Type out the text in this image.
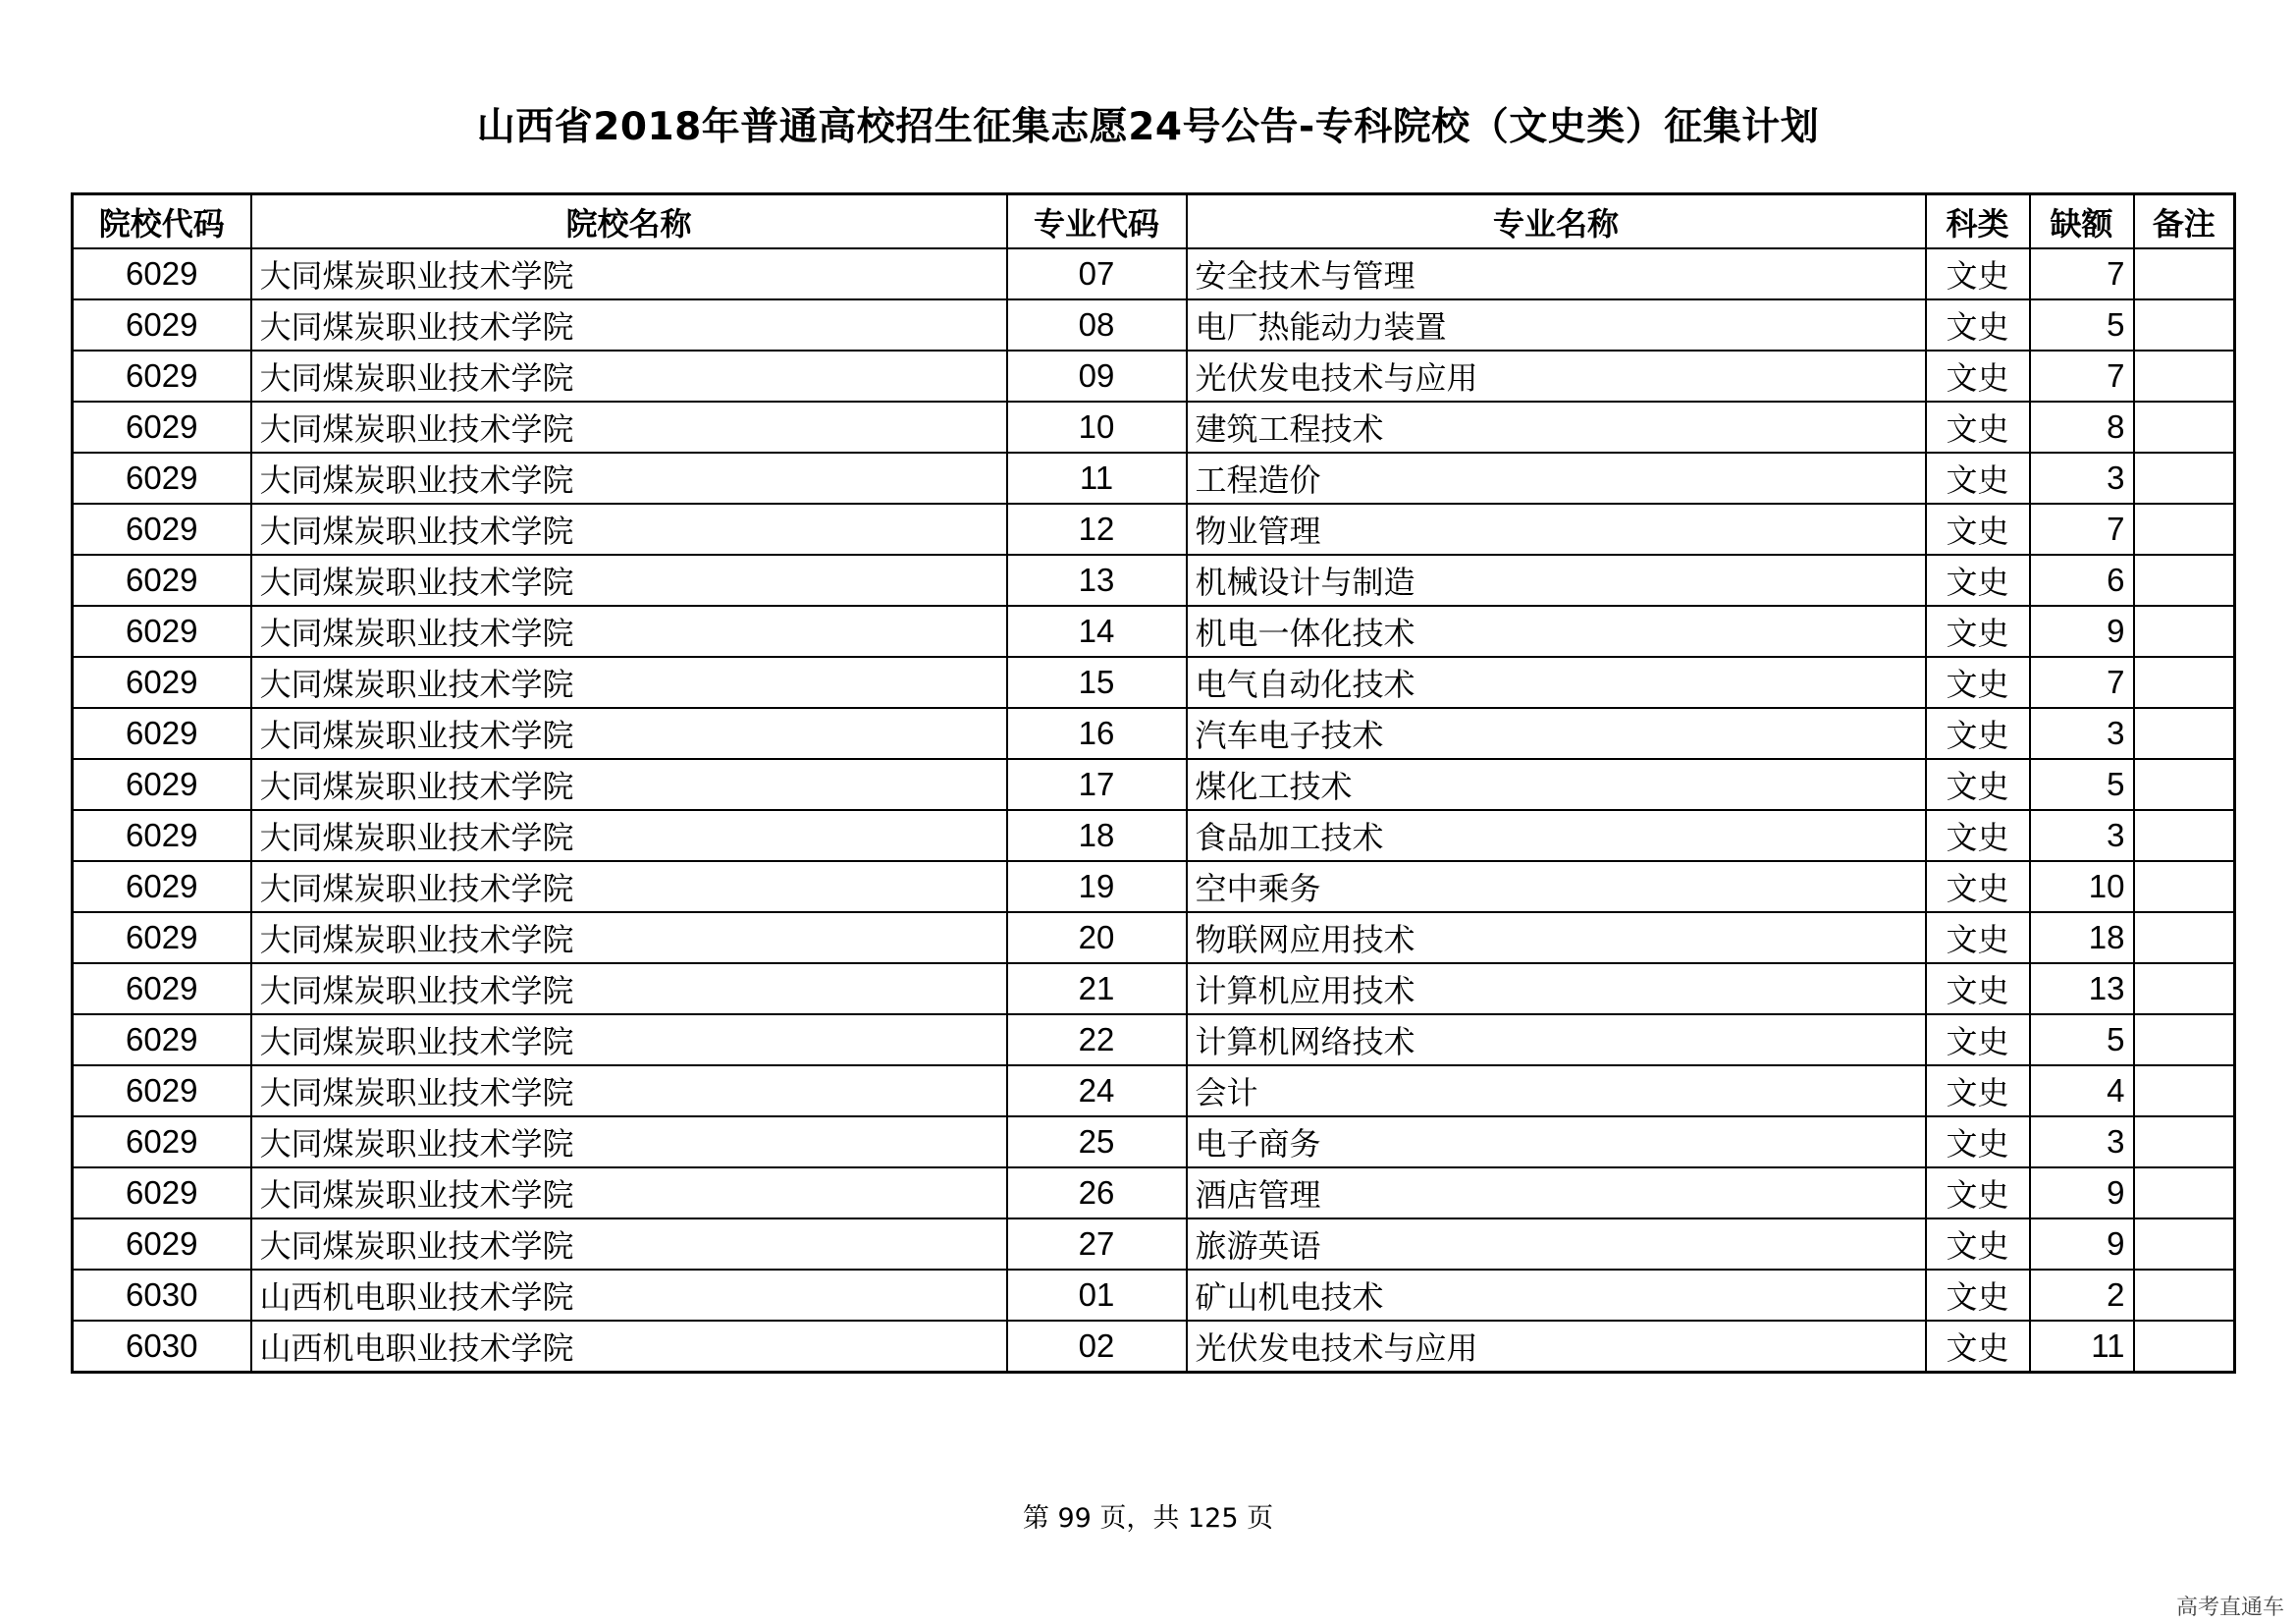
山西省2018年普通高校招生征集志愿24号公告-专科院校（文史类）征集计划
院校代码	院校名称	专业代码	专业名称	科类	缺额	备注
6029	大同煤炭职业技术学院	07	安全技术与管理	文史	7	
6029	大同煤炭职业技术学院	08	电厂热能动力装置	文史	5	
6029	大同煤炭职业技术学院	09	光伏发电技术与应用	文史	7	
6029	大同煤炭职业技术学院	10	建筑工程技术	文史	8	
6029	大同煤炭职业技术学院	11	工程造价	文史	3	
6029	大同煤炭职业技术学院	12	物业管理	文史	7	
6029	大同煤炭职业技术学院	13	机械设计与制造	文史	6	
6029	大同煤炭职业技术学院	14	机电一体化技术	文史	9	
6029	大同煤炭职业技术学院	15	电气自动化技术	文史	7	
6029	大同煤炭职业技术学院	16	汽车电子技术	文史	3	
6029	大同煤炭职业技术学院	17	煤化工技术	文史	5	
6029	大同煤炭职业技术学院	18	食品加工技术	文史	3	
6029	大同煤炭职业技术学院	19	空中乘务	文史	10	
6029	大同煤炭职业技术学院	20	物联网应用技术	文史	18	
6029	大同煤炭职业技术学院	21	计算机应用技术	文史	13	
6029	大同煤炭职业技术学院	22	计算机网络技术	文史	5	
6029	大同煤炭职业技术学院	24	会计	文史	4	
6029	大同煤炭职业技术学院	25	电子商务	文史	3	
6029	大同煤炭职业技术学院	26	酒店管理	文史	9	
6029	大同煤炭职业技术学院	27	旅游英语	文史	9	
6030	山西机电职业技术学院	01	矿山机电技术	文史	2	
6030	山西机电职业技术学院	02	光伏发电技术与应用	文史	11	
第 99 页，共 125 页
高考直通车
